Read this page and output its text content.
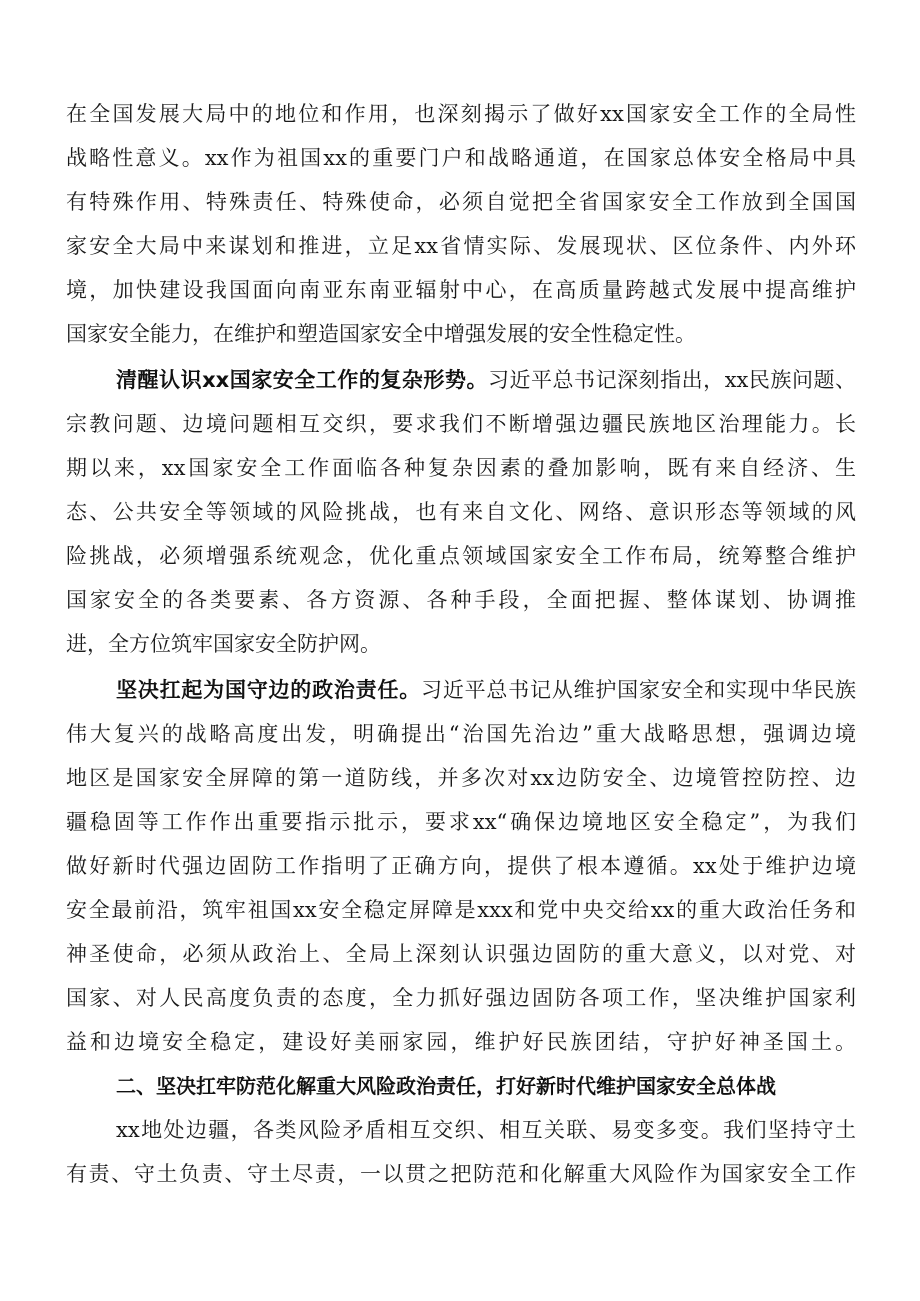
在全国发展大局中的地位和作用，也深刻揭示了做好xx国家安全工作的全局性
战略性意义。xx作为祖国xx的重要门户和战略通道，在国家总体安全格局中具
有特殊作用、特殊责任、特殊使命，必须自觉把全省国家安全工作放到全国国
家安全大局中来谋划和推进，立足xx省情实际、发展现状、区位条件、内外环
境，加快建设我国面向南亚东南亚辐射中心，在高质量跨越式发展中提高维护
国家安全能力，在维护和塑造国家安全中增强发展的安全性稳定性。
清醒认识xx国家安全工作的复杂形势。习近平总书记深刻指出，xx民族问题、
宗教问题、边境问题相互交织，要求我们不断增强边疆民族地区治理能力。长
期以来，xx国家安全工作面临各种复杂因素的叠加影响，既有来自经济、生
态、公共安全等领域的风险挑战，也有来自文化、网络、意识形态等领域的风
险挑战，必须增强系统观念，优化重点领域国家安全工作布局，统筹整合维护
国家安全的各类要素、各方资源、各种手段，全面把握、整体谋划、协调推
进，全方位筑牢国家安全防护网。
坚决扛起为国守边的政治责任。习近平总书记从维护国家安全和实现中华民族
伟大复兴的战略高度出发，明确提出“治国先治边”重大战略思想，强调边境
地区是国家安全屏障的第一道防线，并多次对xx边防安全、边境管控防控、边
疆稳固等工作作出重要指示批示，要求xx“确保边境地区安全稳定”，为我们
做好新时代强边固防工作指明了正确方向，提供了根本遵循。xx处于维护边境
安全最前沿，筑牢祖国xx安全稳定屏障是xxx和党中央交给xx的重大政治任务和
神圣使命，必须从政治上、全局上深刻认识强边固防的重大意义，以对党、对
国家、对人民高度负责的态度，全力抓好强边固防各项工作，坚决维护国家利
益和边境安全稳定，建设好美丽家园，维护好民族团结，守护好神圣国土。
二、坚决扛牢防范化解重大风险政治责任，打好新时代维护国家安全总体战
xx地处边疆，各类风险矛盾相互交织、相互关联、易变多变。我们坚持守土
有责、守土负责、守土尽责，一以贯之把防范和化解重大风险作为国家安全工作
